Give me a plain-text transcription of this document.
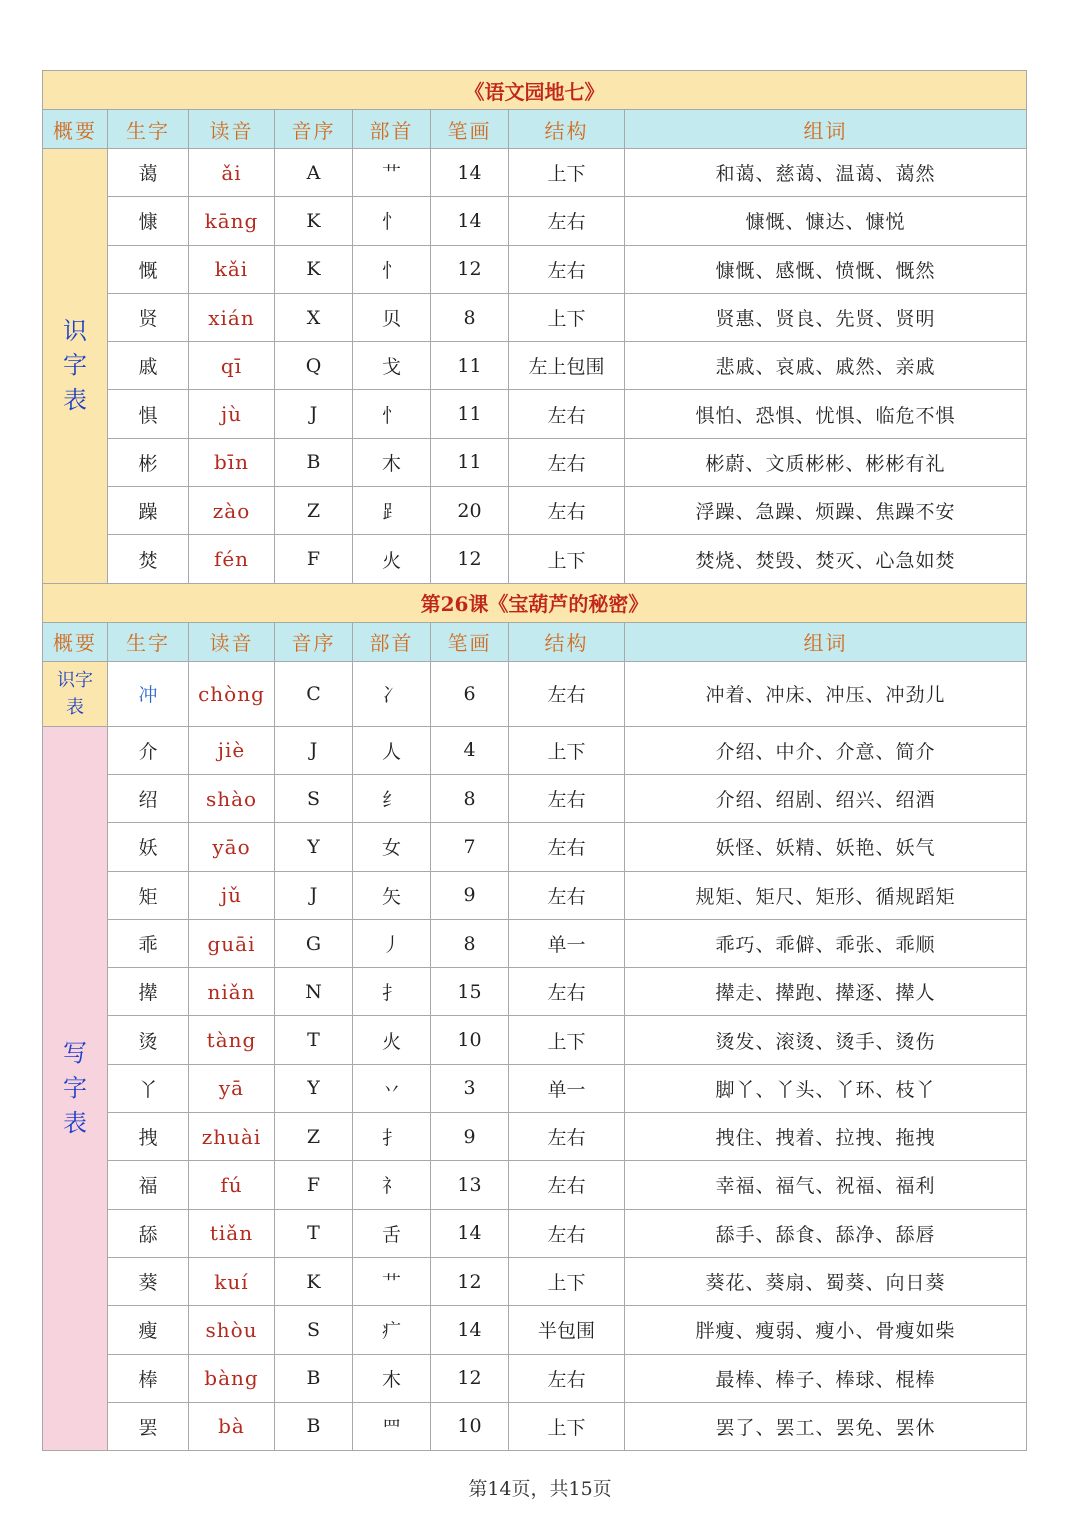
《语文园地七》							
概要	生字	读音	音序	部首	笔画	结构	组词

识
字
表	蔼	ǎi	A	艹	14	上下	和蔼、慈蔼、温蔼、蔼然
	慷	kāng	K	忄	14	左右	慷慨、慷达、慷悦
	慨	kǎi	K	忄	12	左右	慷慨、感慨、愤慨、慨然
	贤	xián	X	贝	8	上下	贤惠、贤良、先贤、贤明
	戚	qī	Q	戈	11	左上包围	悲戚、哀戚、戚然、亲戚
	惧	jù	J	忄	11	左右	惧怕、恐惧、忧惧、临危不惧
	彬	bīn	B	木	11	左右	彬蔚、文质彬彬、彬彬有礼
	躁	zào	Z	⻊	20	左右	浮躁、急躁、烦躁、焦躁不安
	焚	fén	F	火	12	上下	焚烧、焚毁、焚灭、心急如焚
第26课《宝葫芦的秘密》							
概要	生字	读音	音序	部首	笔画	结构	组词

识字
表	冲	chòng	C	冫	6	左右	冲着、冲床、冲压、冲劲儿

写
字
表	介	jiè	J	人	4	上下	介绍、中介、介意、简介
	绍	shào	S	纟	8	左右	介绍、绍剧、绍兴、绍酒
	妖	yāo	Y	女	7	左右	妖怪、妖精、妖艳、妖气
	矩	jǔ	J	矢	9	左右	规矩、矩尺、矩形、循规蹈矩
	乖	guāi	G	丿	8	单一	乖巧、乖僻、乖张、乖顺
	撵	niǎn	N	扌	15	左右	撵走、撵跑、撵逐、撵人
	烫	tàng	T	火	10	上下	烫发、滚烫、烫手、烫伤
	丫	yā	Y	丷	3	单一	脚丫、丫头、丫环、枝丫
	拽	zhuài	Z	扌	9	左右	拽住、拽着、拉拽、拖拽
	福	fú	F	礻	13	左右	幸福、福气、祝福、福利
	舔	tiǎn	T	舌	14	左右	舔手、舔食、舔净、舔唇
	葵	kuí	K	艹	12	上下	葵花、葵扇、蜀葵、向日葵
	瘦	shòu	S	疒	14	半包围	胖瘦、瘦弱、瘦小、骨瘦如柴
	棒	bàng	B	木	12	左右	最棒、棒子、棒球、棍棒
	罢	bà	B	罒	10	上下	罢了、罢工、罢免、罢休
第14页，共15页
